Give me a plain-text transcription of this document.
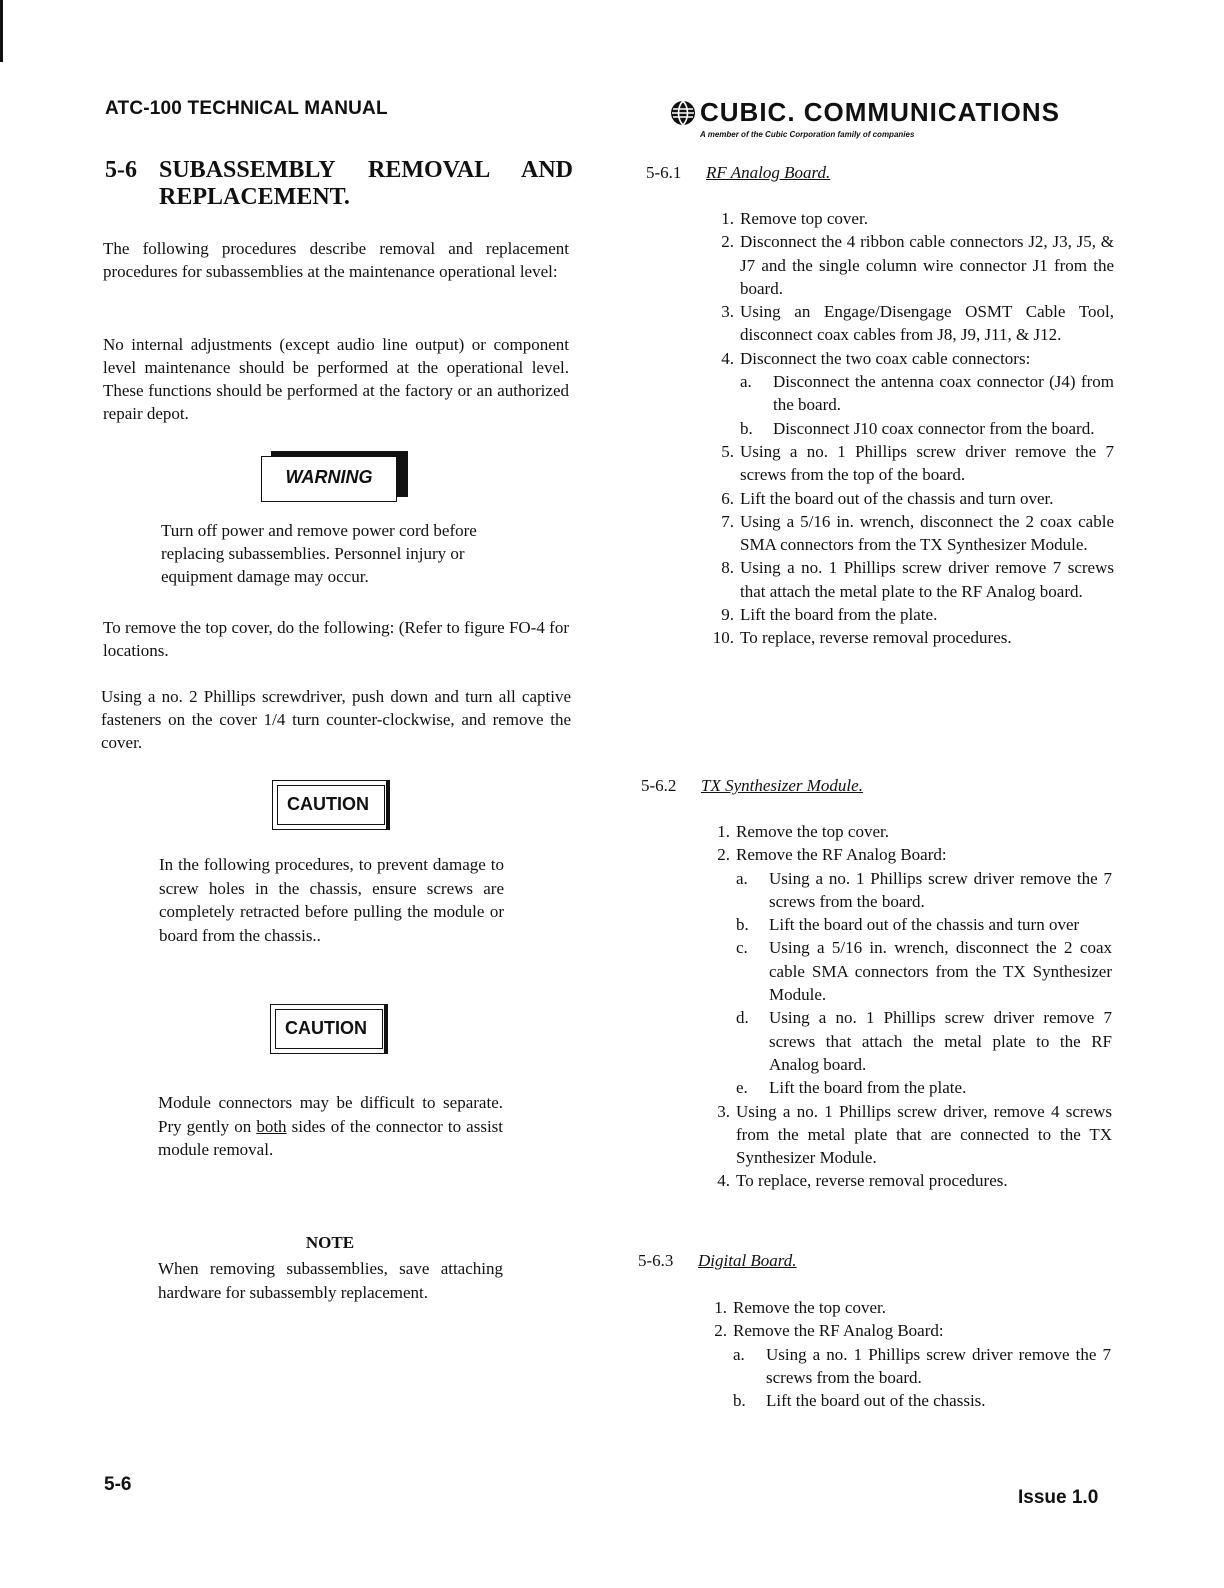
ATC-100 TECHNICAL MANUAL	CUBIC. COMMUNICATIONS
A member of the Cubic Corporation family of companies
5-6 SUBASSEMBLY REMOVAL AND
REPLACEMENT.
The following procedures describe removal and replacement procedures for subassemblies at the maintenance operational level:
No internal adjustments (except audio line output) or component level maintenance should be performed at the operational level. These functions should be performed at the factory or an authorized repair depot.
WARNING
Turn off power and remove power cord before replacing subassemblies. Personnel injury or equipment damage may occur.
To remove the top cover, do the following: (Refer to figure FO-4 for locations.
Using a no. 2 Phillips screwdriver, push down and turn all captive fasteners on the cover 1/4 turn counter-clockwise, and remove the cover.
CAUTION
In the following procedures, to prevent damage to screw holes in the chassis, ensure screws are completely retracted before pulling the module or board from the chassis..
CAUTION
Module connectors may be difficult to separate. Pry gently on both sides of the connector to assist module removal.
NOTE
When removing subassemblies, save attaching hardware for subassembly replacement.
5-6.1 RF Analog Board.
1. Remove top cover.
2. Disconnect the 4 ribbon cable connectors J2, J3, J5, & J7 and the single column wire connector J1 from the board.
3. Using an Engage/Disengage OSMT Cable Tool, disconnect coax cables from J8, J9, J11, & J12.
4. Disconnect the two coax cable connectors:
a. Disconnect the antenna coax connector (J4) from the board.
b. Disconnect J10 coax connector from the board.
5. Using a no. 1 Phillips screw driver remove the 7 screws from the top of the board.
6. Lift the board out of the chassis and turn over.
7. Using a 5/16 in. wrench, disconnect the 2 coax cable SMA connectors from the TX Synthesizer Module.
8. Using a no. 1 Phillips screw driver remove 7 screws that attach the metal plate to the RF Analog board.
9. Lift the board from the plate.
10. To replace, reverse removal procedures.
5-6.2 TX Synthesizer Module.
1. Remove the top cover.
2. Remove the RF Analog Board:
a. Using a no. 1 Phillips screw driver remove the 7 screws from the board.
b. Lift the board out of the chassis and turn over
c. Using a 5/16 in. wrench, disconnect the 2 coax cable SMA connectors from the TX Synthesizer Module.
d. Using a no. 1 Phillips screw driver remove 7 screws that attach the metal plate to the RF Analog board.
e. Lift the board from the plate.
3. Using a no. 1 Phillips screw driver, remove 4 screws from the metal plate that are connected to the TX Synthesizer Module.
4. To replace, reverse removal procedures.
5-6.3 Digital Board.
1. Remove the top cover.
2. Remove the RF Analog Board:
a. Using a no. 1 Phillips screw driver remove the 7 screws from the board.
b. Lift the board out of the chassis.
5-6
Issue 1.0
